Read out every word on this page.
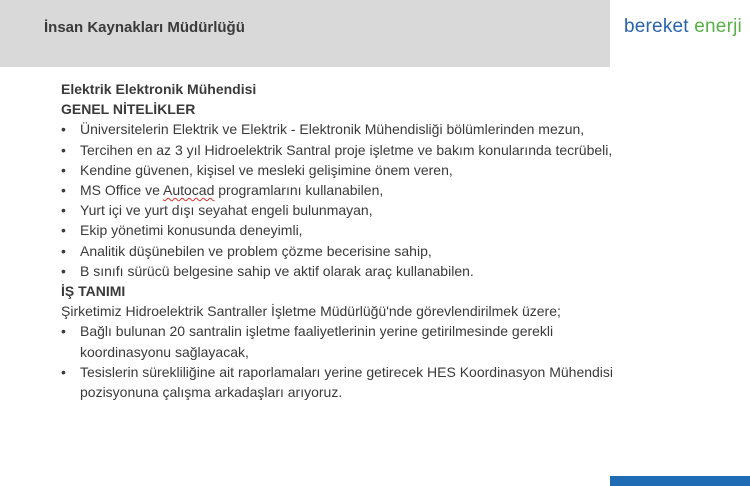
İnsan Kaynakları Müdürlüğü	bereket enerji
Elektrik Elektronik Mühendisi
GENEL NİTELİKLER
• Üniversitelerin Elektrik ve Elektrik - Elektronik Mühendisliği bölümlerinden mezun,
• Tercihen en az 3 yıl Hidroelektrik Santral proje işletme ve bakım konularında tecrübeli,
• Kendine güvenen, kişisel ve mesleki gelişimine önem veren,
• MS Office ve Autocad programlarını kullanabilen,
• Yurt içi ve yurt dışı seyahat engeli bulunmayan,
• Ekip yönetimi konusunda deneyimli,
• Analitik düşünebilen ve problem çözme becerisine sahip,
• B sınıfı sürücü belgesine sahip ve aktif olarak araç kullanabilen.
İŞ TANIMI
Şirketimiz Hidroelektrik Santraller İşletme Müdürlüğü'nde görevlendirilmek üzere;
• Bağlı bulunan 20 santralin işletme faaliyetlerinin yerine getirilmesinde gerekli koordinasyonu sağlayacak,
• Tesislerin sürekliliğine ait raporlamaları yerine getirecek HES Koordinasyon Mühendisi pozisyonuna çalışma arkadaşları arıyoruz.
